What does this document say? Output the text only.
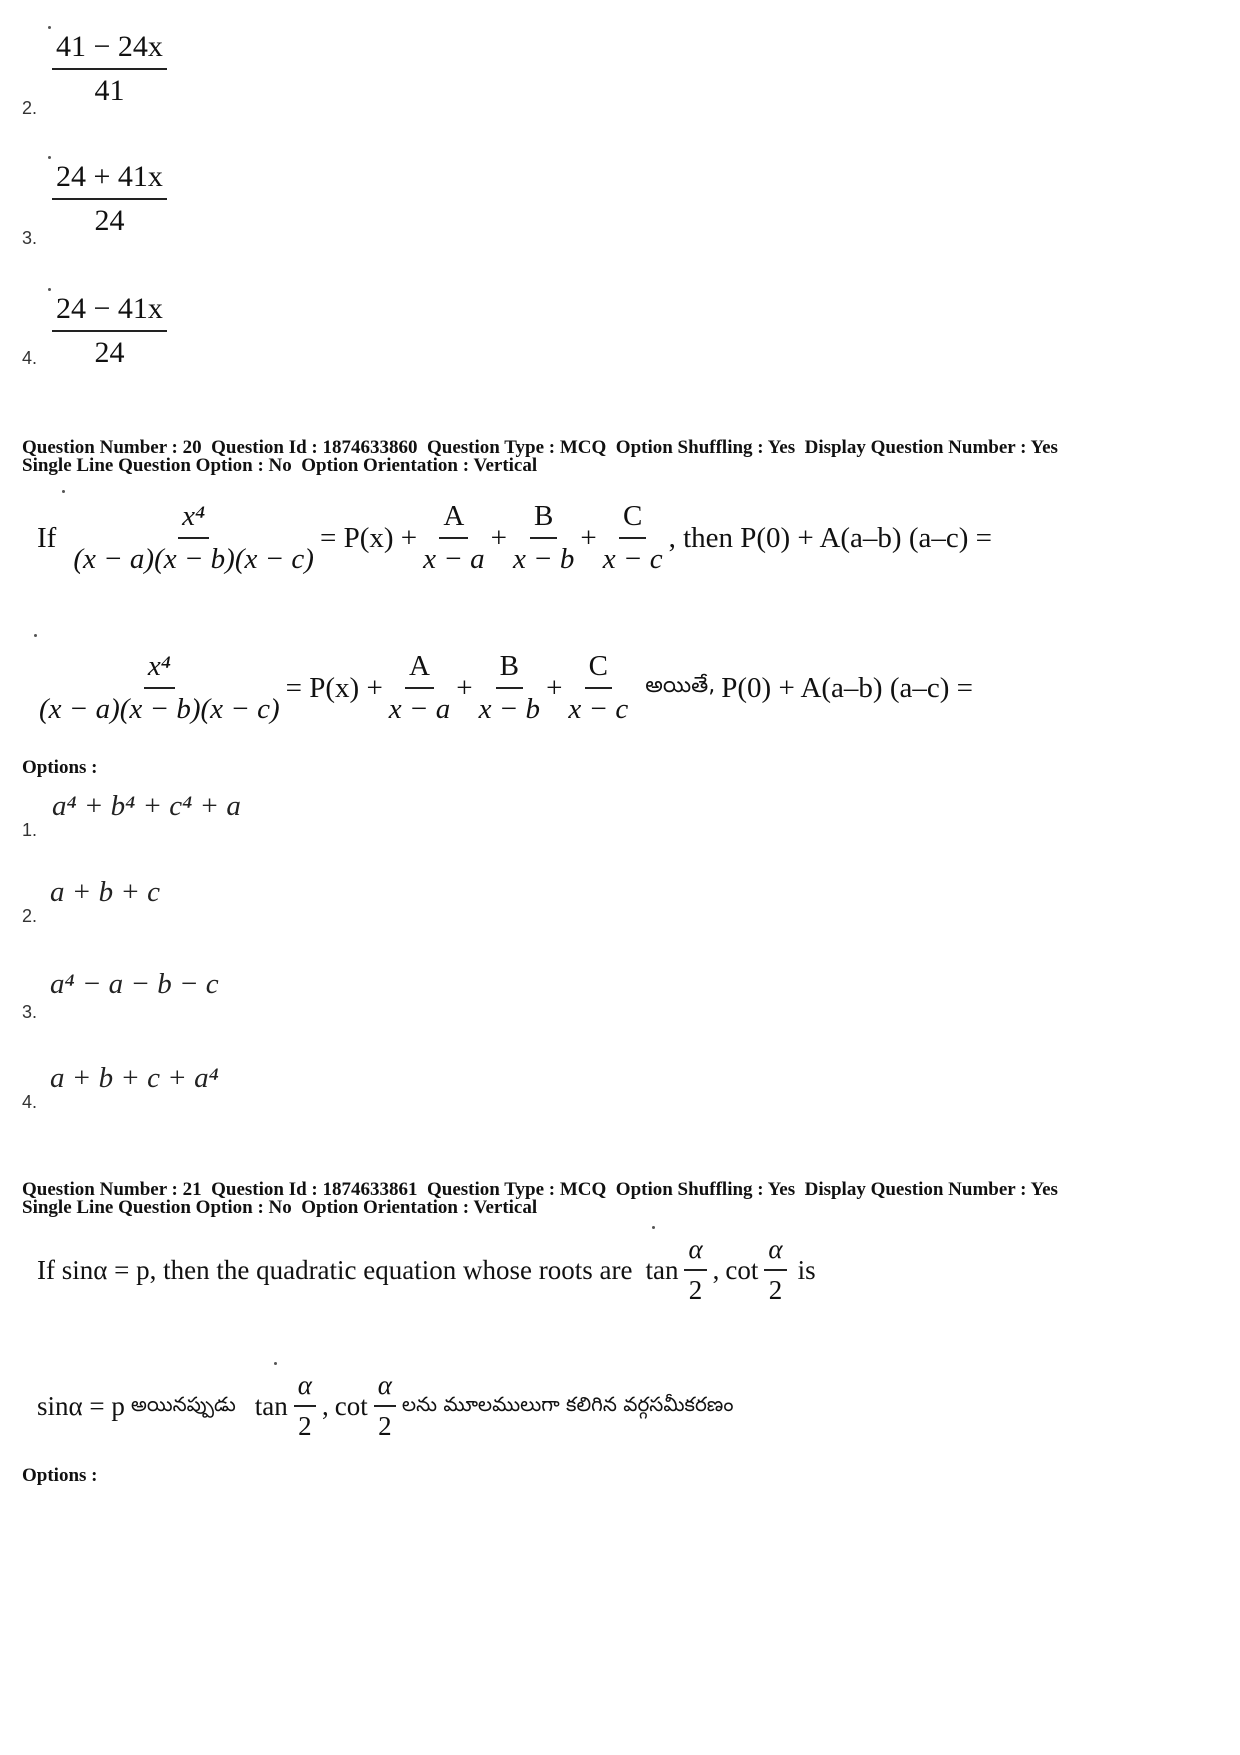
$\frac{41 - 24x}{41}$
2.
$\frac{24 + 41x}{24}$
3.
$\frac{24 - 41x}{24}$
4.
Question Number : 20  Question Id : 1874633860  Question Type : MCQ  Option Shuffling : Yes  Display Question Number : Yes
Single Line Question Option : No  Option Orientation : Vertical
If $\frac{\text{x⁴}}{(x - a)(x - b)(x - c)} = P(x) + \frac{A}{x - a} + \frac{B}{x - b} + \frac{C}{x - c}$ , then P(0) + A(a–b) (a–c) =
$\frac{\text{x⁴}}{(x - a)(x - b)(x - c)} = P(x) + \frac{A}{x - a} + \frac{B}{x - b} + \frac{C}{x - c}$ అయితే, P(0) + A(a–b) (a–c) =
Options :
a⁴ + b⁴ + c⁴ + a
1.
a + b + c
2.
a⁴ − a − b − c
3.
a + b + c + a⁴
4.
Question Number : 21  Question Id : 1874633861  Question Type : MCQ  Option Shuffling : Yes  Display Question Number : Yes
Single Line Question Option : No  Option Orientation : Vertical
If sinα = p, then the quadratic equation whose roots are $\tan \frac{\alpha}{2}$ , $\cot \frac{\alpha}{2}$ is
sinα = p అయినప్పుడు $\tan \frac{\alpha}{2}$ , $\cot \frac{\alpha}{2}$ లను మూలములుగా కలిగిన వర్గసమీకరణం
Options :
